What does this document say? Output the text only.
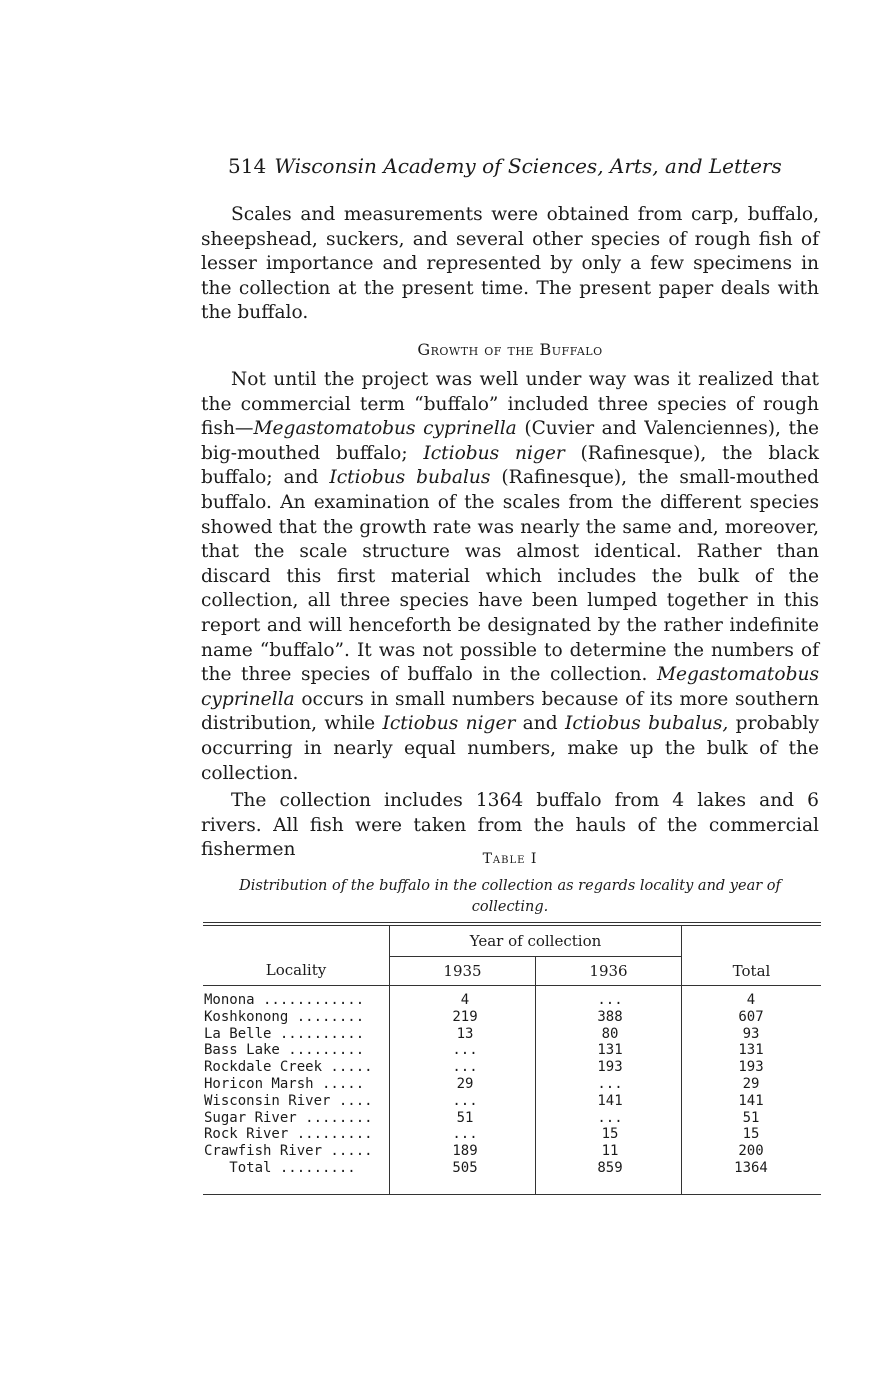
514 Wisconsin Academy of Sciences, Arts, and Letters

Scales and measurements were obtained from carp, buffalo, sheepshead, suckers, and several other species of rough fish of lesser importance and represented by only a few specimens in the collection at the present time. The present paper deals with the buffalo.

Growth of the Buffalo

Not until the project was well under way was it realized that the commercial term “buffalo” included three species of rough fish—Megastomatobus cyprinella (Cuvier and Valenciennes), the big-mouthed buffalo; Ictiobus niger (Rafinesque), the black buffalo; and Ictiobus bubalus (Rafinesque), the small-mouthed buffalo. An examination of the scales from the different species showed that the growth rate was nearly the same and, moreover, that the scale structure was almost identical. Rather than discard this first material which includes the bulk of the collection, all three species have been lumped together in this report and will henceforth be designated by the rather indefinite name “buffalo”. It was not possible to determine the numbers of the three species of buffalo in the collection. Megastomatobus cyprinella occurs in small numbers because of its more southern distribution, while Ictiobus niger and Ictiobus bubalus, probably occurring in nearly equal numbers, make up the bulk of the collection.

The collection includes 1364 buffalo from 4 lakes and 6 rivers. All fish were taken from the hauls of the commercial fishermen	Table I
Distribution of the buffalo in the collection as regards locality and year of collecting.
Locality
Year of collection
1935	1936	Total
Monona ............	4	...	4
Koshkonong ........	219	388	607
La Belle ..........	13	80	93
Bass Lake .........	...	131	131
Rockdale Creek .....	...	193	193
Horicon Marsh .....	29	...	29
Wisconsin River ....	...	141	141
Sugar River ........	51	...	51
Rock River .........	...	15	15
Crawfish River .....	189	11	200
Total .........	505	859	1364
